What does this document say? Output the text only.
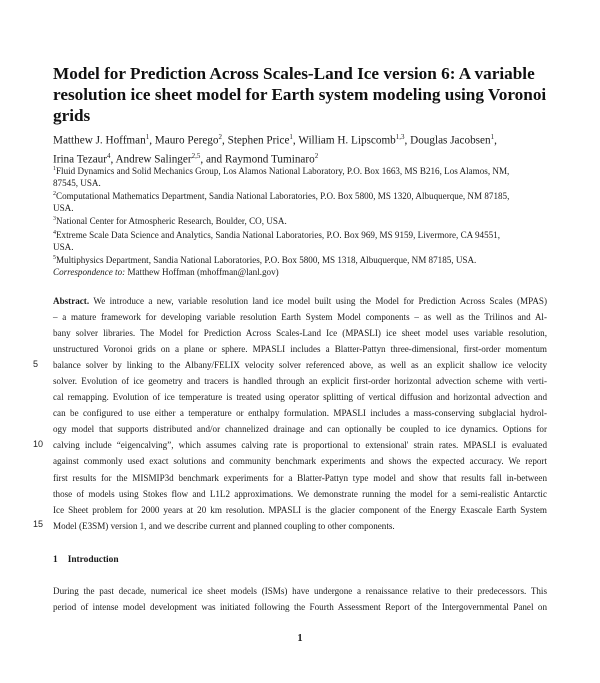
Model for Prediction Across Scales-Land Ice version 6: A variable
resolution ice sheet model for Earth system modeling using Voronoi
grids
Matthew J. Hoffman$^1$, Mauro Perego$^2$, Stephen Price$^1$, William H. Lipscomb$^{1,3}$, Douglas Jacobsen$^1$,
Irina Tezaur$^4$, Andrew Salinger$^{2,5}$, and Raymond Tuminaro$^2$

$^1$Fluid Dynamics and Solid Mechanics Group, Los Alamos National Laboratory, P.O. Box 1663, MS B216, Los Alamos, NM,
87545, USA.

$^2$Computational Mathematics Department, Sandia National Laboratories, P.O. Box 5800, MS 1320, Albuquerque, NM 87185,
USA.

$^3$National Center for Atmospheric Research, Boulder, CO, USA.

$^4$Extreme Scale Data Science and Analytics, Sandia National Laboratories, P.O. Box 969, MS 9159, Livermore, CA 94551,
USA.

$^5$Multiphysics Department, Sandia National Laboratories, P.O. Box 5800, MS 1318, Albuquerque, NM 87185, USA.

Correspondence to: Matthew Hoffman (mhoffman@lanl.gov)

Abstract. We introduce a new, variable resolution land ice model built using the Model for Prediction Across Scales (MPAS)
– a mature framework for developing variable resolution Earth System Model components – as well as the Trilinos and Al-
bany solver libraries. The Model for Prediction Across Scales-Land Ice (MPASLI) ice sheet model uses variable resolution,
unstructured Voronoi grids on a plane or sphere. MPASLI includes a Blatter-Pattyn three-dimensional, first-order momentum
balance solver by linking to the Albany/FELIX velocity solver referenced above, as well as an explicit shallow ice velocity
solver. Evolution of ice geometry and tracers is handled through an explicit first-order horizontal advection scheme with verti-
cal remapping. Evolution of ice temperature is treated using operator splitting of vertical diffusion and horizontal advection and
can be configured to use either a temperature or enthalpy formulation. MPASLI includes a mass-conserving subglacial hydrol-
ogy model that supports distributed and/or channelized drainage and can optionally be coupled to ice dynamics. Options for
calving include “eigencalving”, which assumes calving rate is proportional to extensional' strain rates. MPASLI is evaluated
against commonly used exact solutions and community benchmark experiments and shows the expected accuracy. We report
first results for the MISMIP3d benchmark experiments for a Blatter-Pattyn type model and show that results fall in-between
those of models using Stokes flow and L1L2 approximations. We demonstrate running the model for a semi-realistic Antarctic
Ice Sheet problem for 2000 years at 20 km resolution. MPASLI is the glacier component of the Energy Exascale Earth System
Model (E3SM) version 1, and we describe current and planned coupling to other components.
5
10
15
1 Introduction
During the past decade, numerical ice sheet models (ISMs) have undergone a renaissance relative to their predecessors. This
period of intense model development was initiated following the Fourth Assessment Report of the Intergovernmental Panel on
1
